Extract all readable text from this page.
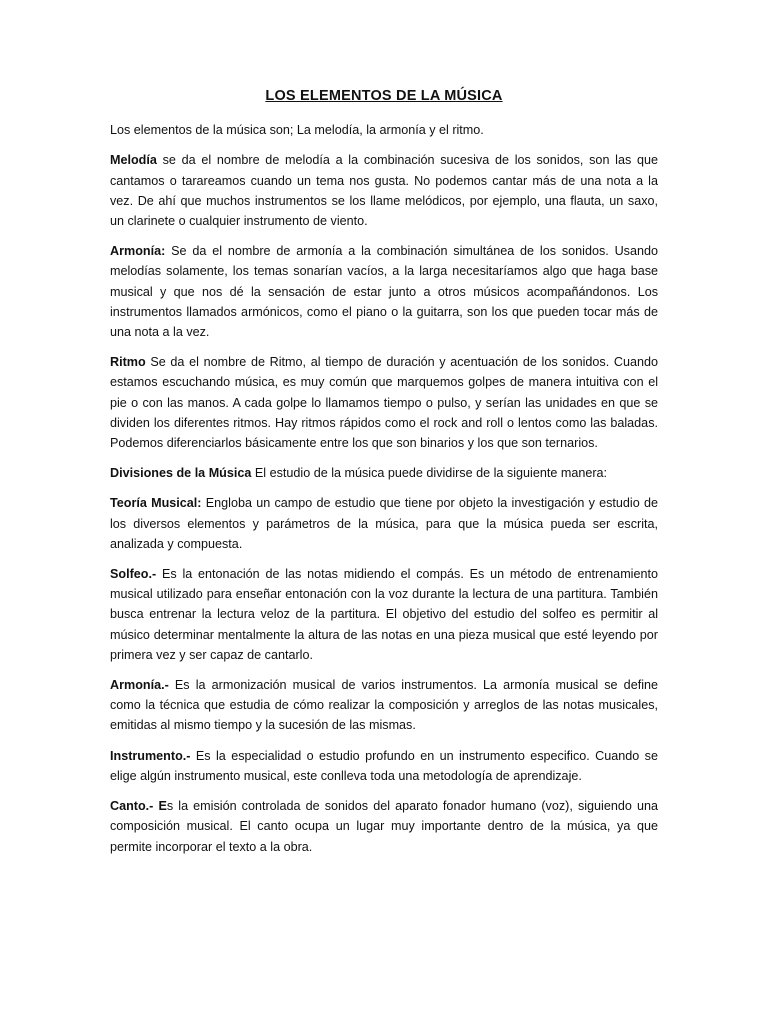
LOS ELEMENTOS DE LA MÚSICA

Los elementos de la música son; La melodía, la armonía y el ritmo.

Melodía se da el nombre de melodía a la combinación sucesiva de los sonidos, son las que cantamos o tarareamos cuando un tema nos gusta. No podemos cantar más de una nota a la vez. De ahí que muchos instrumentos se los llame melódicos, por ejemplo, una flauta, un saxo, un clarinete o cualquier instrumento de viento.

Armonía: Se da el nombre de armonía a la combinación simultánea de los sonidos. Usando melodías solamente, los temas sonarían vacíos, a la larga necesitaríamos algo que haga base musical y que nos dé la sensación de estar junto a otros músicos acompañándonos. Los instrumentos llamados armónicos, como el piano o la guitarra, son los que pueden tocar más de una nota a la vez.

Ritmo Se da el nombre de Ritmo, al tiempo de duración y acentuación de los sonidos. Cuando estamos escuchando música, es muy común que marquemos golpes de manera intuitiva con el pie o con las manos. A cada golpe lo llamamos tiempo o pulso, y serían las unidades en que se dividen los diferentes ritmos. Hay ritmos rápidos como el rock and roll o lentos como las baladas. Podemos diferenciarlos básicamente entre los que son binarios y los que son ternarios.

Divisiones de la Música El estudio de la música puede dividirse de la siguiente manera:

Teoría Musical: Engloba un campo de estudio que tiene por objeto la investigación y estudio de los diversos elementos y parámetros de la música, para que la música pueda ser escrita, analizada y compuesta.

Solfeo.- Es la entonación de las notas midiendo el compás. Es un método de entrenamiento musical utilizado para enseñar entonación con la voz durante la lectura de una partitura. También busca entrenar la lectura veloz de la partitura. El objetivo del estudio del solfeo es permitir al músico determinar mentalmente la altura de las notas en una pieza musical que esté leyendo por primera vez y ser capaz de cantarlo.

Armonía.- Es la armonización musical de varios instrumentos. La armonía musical se define como la técnica que estudia de cómo realizar la composición y arreglos de las notas musicales, emitidas al mismo tiempo y la sucesión de las mismas.

Instrumento.- Es la especialidad o estudio profundo en un instrumento especifico. Cuando se elige algún instrumento musical, este conlleva toda una metodología de aprendizaje.

Canto.- Es la emisión controlada de sonidos del aparato fonador humano (voz), siguiendo una composición musical. El canto ocupa un lugar muy importante dentro de la música, ya que permite incorporar el texto a la obra.
